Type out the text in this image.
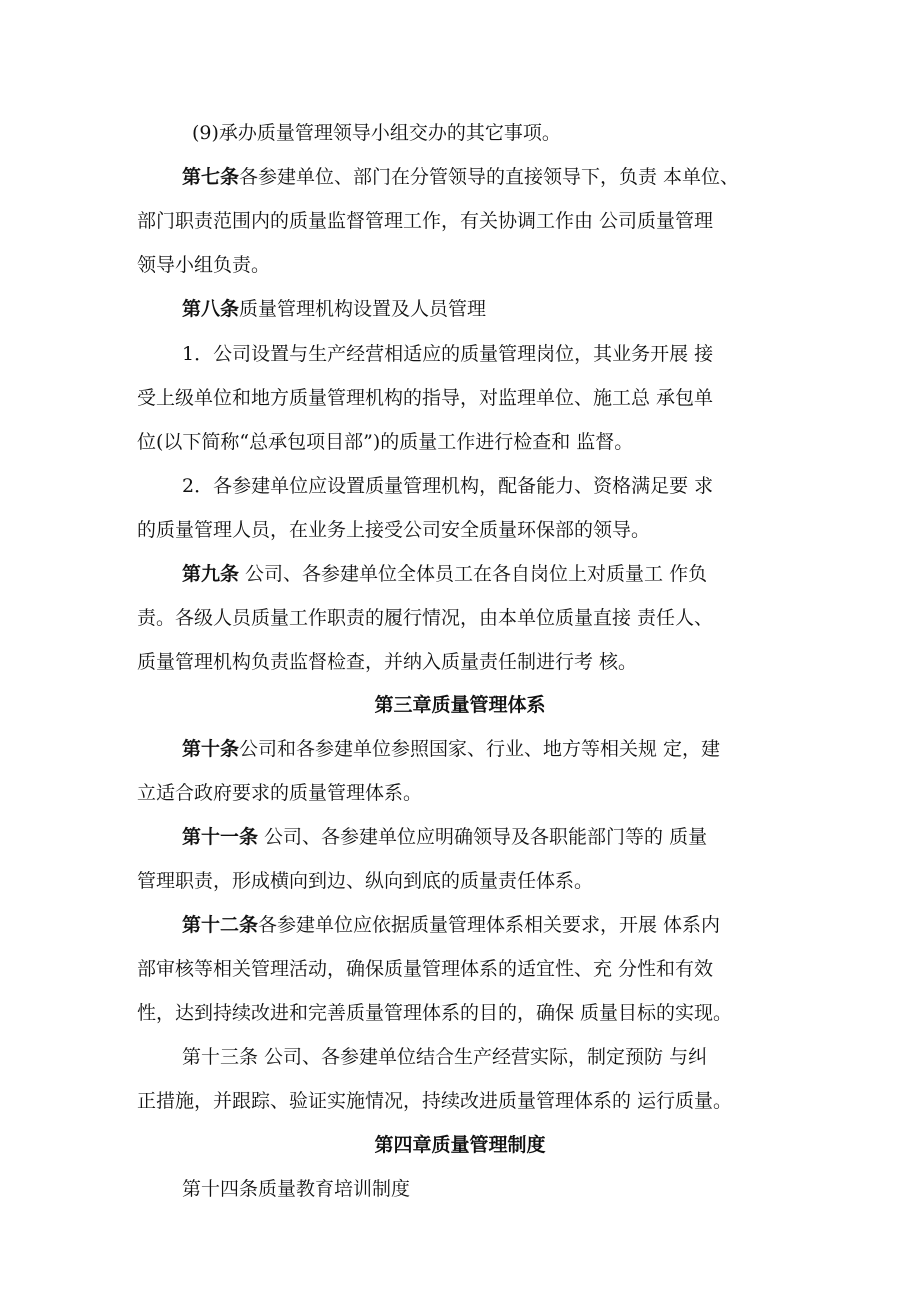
(9)承办质量管理领导小组交办的其它事项。
第七条各参建单位、部门在分管领导的直接领导下，负责 本单位、
部门职责范围内的质量监督管理工作，有关协调工作由 公司质量管理
领导小组负责。
第八条质量管理机构设置及人员管理
1．公司设置与生产经营相适应的质量管理岗位，其业务开展 接
受上级单位和地方质量管理机构的指导，对监理单位、施工总 承包单
位(以下简称“总承包项目部”)的质量工作进行检查和 监督。
2．各参建单位应设置质量管理机构，配备能力、资格满足要 求
的质量管理人员，在业务上接受公司安全质量环保部的领导。
第九条 公司、各参建单位全体员工在各自岗位上对质量工 作负
责。各级人员质量工作职责的履行情况，由本单位质量直接 责任人、
质量管理机构负责监督检查，并纳入质量责任制进行考 核。
第三章质量管理体系
第十条公司和各参建单位参照国家、行业、地方等相关规 定，建
立适合政府要求的质量管理体系。
第十一条 公司、各参建单位应明确领导及各职能部门等的 质量
管理职责，形成横向到边、纵向到底的质量责任体系。
第十二条各参建单位应依据质量管理体系相关要求，开展 体系内
部审核等相关管理活动，确保质量管理体系的适宜性、充 分性和有效
性，达到持续改进和完善质量管理体系的目的，确保 质量目标的实现。
第十三条 公司、各参建单位结合生产经营实际，制定预防 与纠
正措施，并跟踪、验证实施情况，持续改进质量管理体系的 运行质量。
第四章质量管理制度
第十四条质量教育培训制度
